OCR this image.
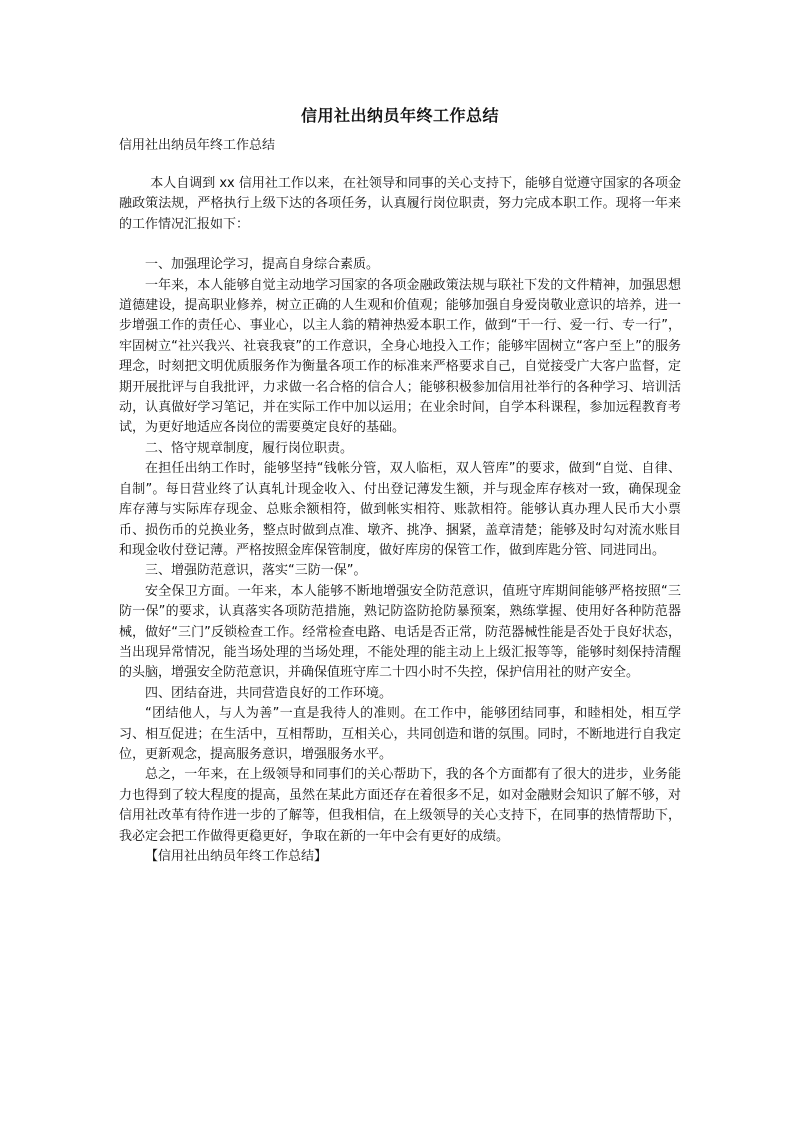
信用社出纳员年终工作总结
信用社出纳员年终工作总结

本人自调到 xx 信用社工作以来，在社领导和同事的关心支持下，能够自觉遵守国家的各项金融政策法规，严格执行上级下达的各项任务，认真履行岗位职责，努力完成本职工作。现将一年来的工作情况汇报如下：

一、加强理论学习，提高自身综合素质。

一年来，本人能够自觉主动地学习国家的各项金融政策法规与联社下发的文件精神，加强思想道德建设，提高职业修养，树立正确的人生观和价值观；能够加强自身爱岗敬业意识的培养，进一步增强工作的责任心、事业心，以主人翁的精神热爱本职工作，做到“干一行、爱一行、专一行”，牢固树立“社兴我兴、社衰我衰”的工作意识，全身心地投入工作；能够牢固树立“客户至上”的服务理念，时刻把文明优质服务作为衡量各项工作的标准来严格要求自己，自觉接受广大客户监督，定期开展批评与自我批评，力求做一名合格的信合人；能够积极参加信用社举行的各种学习、培训活动，认真做好学习笔记，并在实际工作中加以运用；在业余时间，自学本科课程，参加远程教育考试，为更好地适应各岗位的需要奠定良好的基础。

二、恪守规章制度，履行岗位职责。

在担任出纳工作时，能够坚持“钱帐分管，双人临柜，双人管库”的要求，做到“自觉、自律、自制”。每日营业终了认真轧计现金收入、付出登记薄发生额，并与现金库存核对一致，确保现金库存薄与实际库存现金、总账余额相符，做到帐实相符、账款相符。能够认真办理人民币大小票币、损伤币的兑换业务，整点时做到点准、墩齐、挑净、捆紧，盖章清楚；能够及时勾对流水账目和现金收付登记薄。严格按照金库保管制度，做好库房的保管工作，做到库匙分管、同进同出。

三、增强防范意识，落实“三防一保”。

安全保卫方面。一年来，本人能够不断地增强安全防范意识，值班守库期间能够严格按照“三防一保”的要求，认真落实各项防范措施，熟记防盗防抢防暴预案，熟练掌握、使用好各种防范器械，做好“三门”反锁检查工作。经常检查电路、电话是否正常，防范器械性能是否处于良好状态，当出现异常情况，能当场处理的当场处理，不能处理的能主动上上级汇报等等，能够时刻保持清醒的头脑，增强安全防范意识，并确保值班守库二十四小时不失控，保护信用社的财产安全。

四、团结奋进，共同营造良好的工作环境。

“团结他人，与人为善”一直是我待人的准则。在工作中，能够团结同事，和睦相处，相互学习、相互促进；在生活中，互相帮助，互相关心，共同创造和谐的氛围。同时，不断地进行自我定位，更新观念，提高服务意识，增强服务水平。

总之，一年来，在上级领导和同事们的关心帮助下，我的各个方面都有了很大的进步，业务能力也得到了较大程度的提高，虽然在某此方面还存在着很多不足，如对金融财会知识了解不够，对信用社改革有待作进一步的了解等，但我相信，在上级领导的关心支持下，在同事的热情帮助下，我必定会把工作做得更稳更好，争取在新的一年中会有更好的成绩。

【信用社出纳员年终工作总结】
